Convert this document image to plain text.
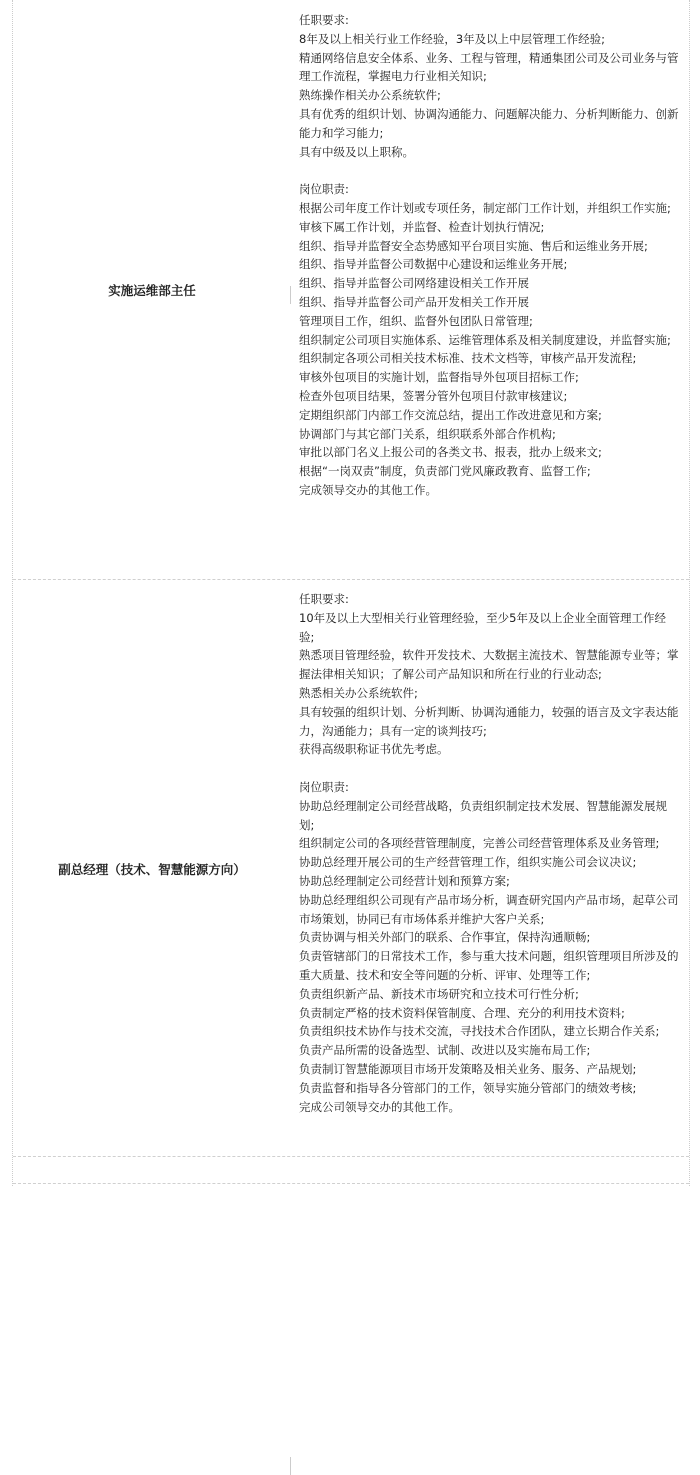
实施运维部主任

任职要求:

8年及以上相关行业工作经验，3年及以上中层管理工作经验;

精通网络信息安全体系、业务、工程与管理，精通集团公司及公司业务与管理工作流程，掌握电力行业相关知识;

熟练操作相关办公系统软件;

具有优秀的组织计划、协调沟通能力、问题解决能力、分析判断能力、创新能力和学习能力;

具有中级及以上职称。

岗位职责:

根据公司年度工作计划或专项任务，制定部门工作计划，并组织工作实施;

审核下属工作计划，并监督、检查计划执行情况;

组织、指导并监督安全态势感知平台项目实施、售后和运维业务开展;

组织、指导并监督公司数据中心建设和运维业务开展;

组织、指导并监督公司网络建设相关工作开展

组织、指导并监督公司产品开发相关工作开展

管理项目工作，组织、监督外包团队日常管理;

组织制定公司项目实施体系、运维管理体系及相关制度建设，并监督实施;

组织制定各项公司相关技术标准、技术文档等，审核产品开发流程;

审核外包项目的实施计划，监督指导外包项目招标工作;

检查外包项目结果，签署分管外包项目付款审核建议;

定期组织部门内部工作交流总结，提出工作改进意见和方案;

协调部门与其它部门关系，组织联系外部合作机构;

审批以部门名义上报公司的各类文书、报表，批办上级来文;

根据“一岗双责”制度，负责部门党风廉政教育、监督工作;

完成领导交办的其他工作。

副总经理（技术、智慧能源方向）

任职要求:

10年及以上大型相关行业管理经验，至少5年及以上企业全面管理工作经验;

熟悉项目管理经验，软件开发技术、大数据主流技术、智慧能源专业等；掌握法律相关知识；了解公司产品知识和所在行业的行业动态;

熟悉相关办公系统软件;

具有较强的组织计划、分析判断、协调沟通能力，较强的语言及文字表达能力，沟通能力；具有一定的谈判技巧;

获得高级职称证书优先考虑。

岗位职责:

协助总经理制定公司经营战略，负责组织制定技术发展、智慧能源发展规划;

组织制定公司的各项经营管理制度，完善公司经营管理体系及业务管理;

协助总经理开展公司的生产经营管理工作，组织实施公司会议决议;

协助总经理制定公司经营计划和预算方案;

协助总经理组织公司现有产品市场分析，调查研究国内产品市场，起草公司市场策划，协同已有市场体系并维护大客户关系;

负责协调与相关外部门的联系、合作事宜，保持沟通顺畅;

负责管辖部门的日常技术工作，参与重大技术问题，组织管理项目所涉及的重大质量、技术和安全等问题的分析、评审、处理等工作;

负责组织新产品、新技术市场研究和立技术可行性分析;

负责制定严格的技术资料保管制度、合理、充分的利用技术资料;

负责组织技术协作与技术交流，寻找技术合作团队，建立长期合作关系;

负责产品所需的设备选型、试制、改进以及实施布局工作;

负责制订智慧能源项目市场开发策略及相关业务、服务、产品规划;

负责监督和指导各分管部门的工作，领导实施分管部门的绩效考核;

完成公司领导交办的其他工作。
